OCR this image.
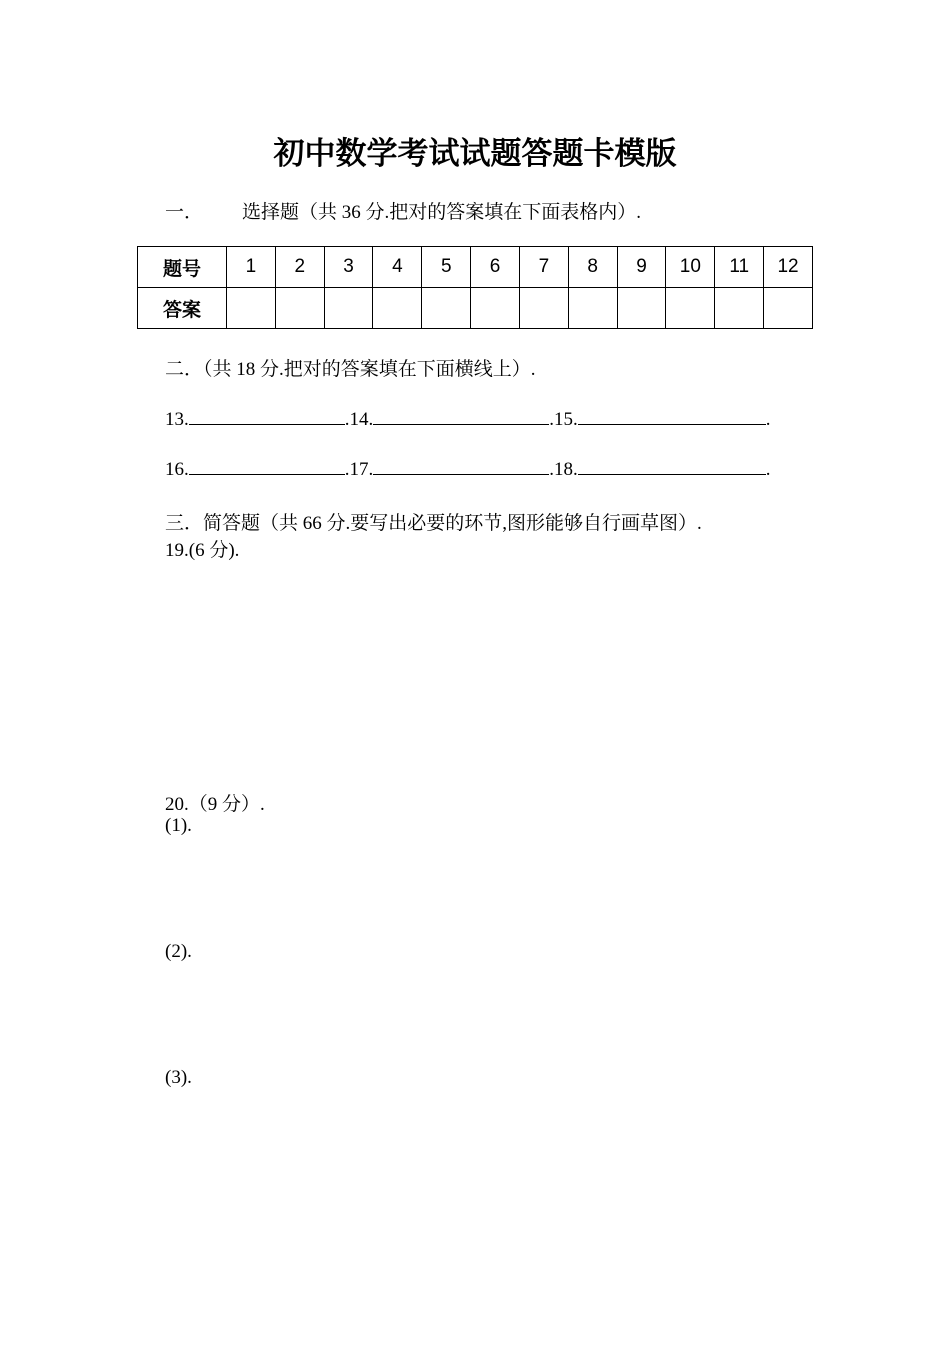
初中数学考试试题答题卡模版
一． 选择题（共 36 分.把对的答案填在下面表格内）.
题号	1	2	3	4	5	6	7	8	9	10	11	12
答案												

二．（共 18 分.把对的答案填在下面横线上）.

13.	.14.	.15.	.

16.	.17.	.18.	.

三．简答题（共 66 分.要写出必要的环节,图形能够自行画草图）.

19.(6 分).

20.（9 分）.

(1).

(2).

(3).
